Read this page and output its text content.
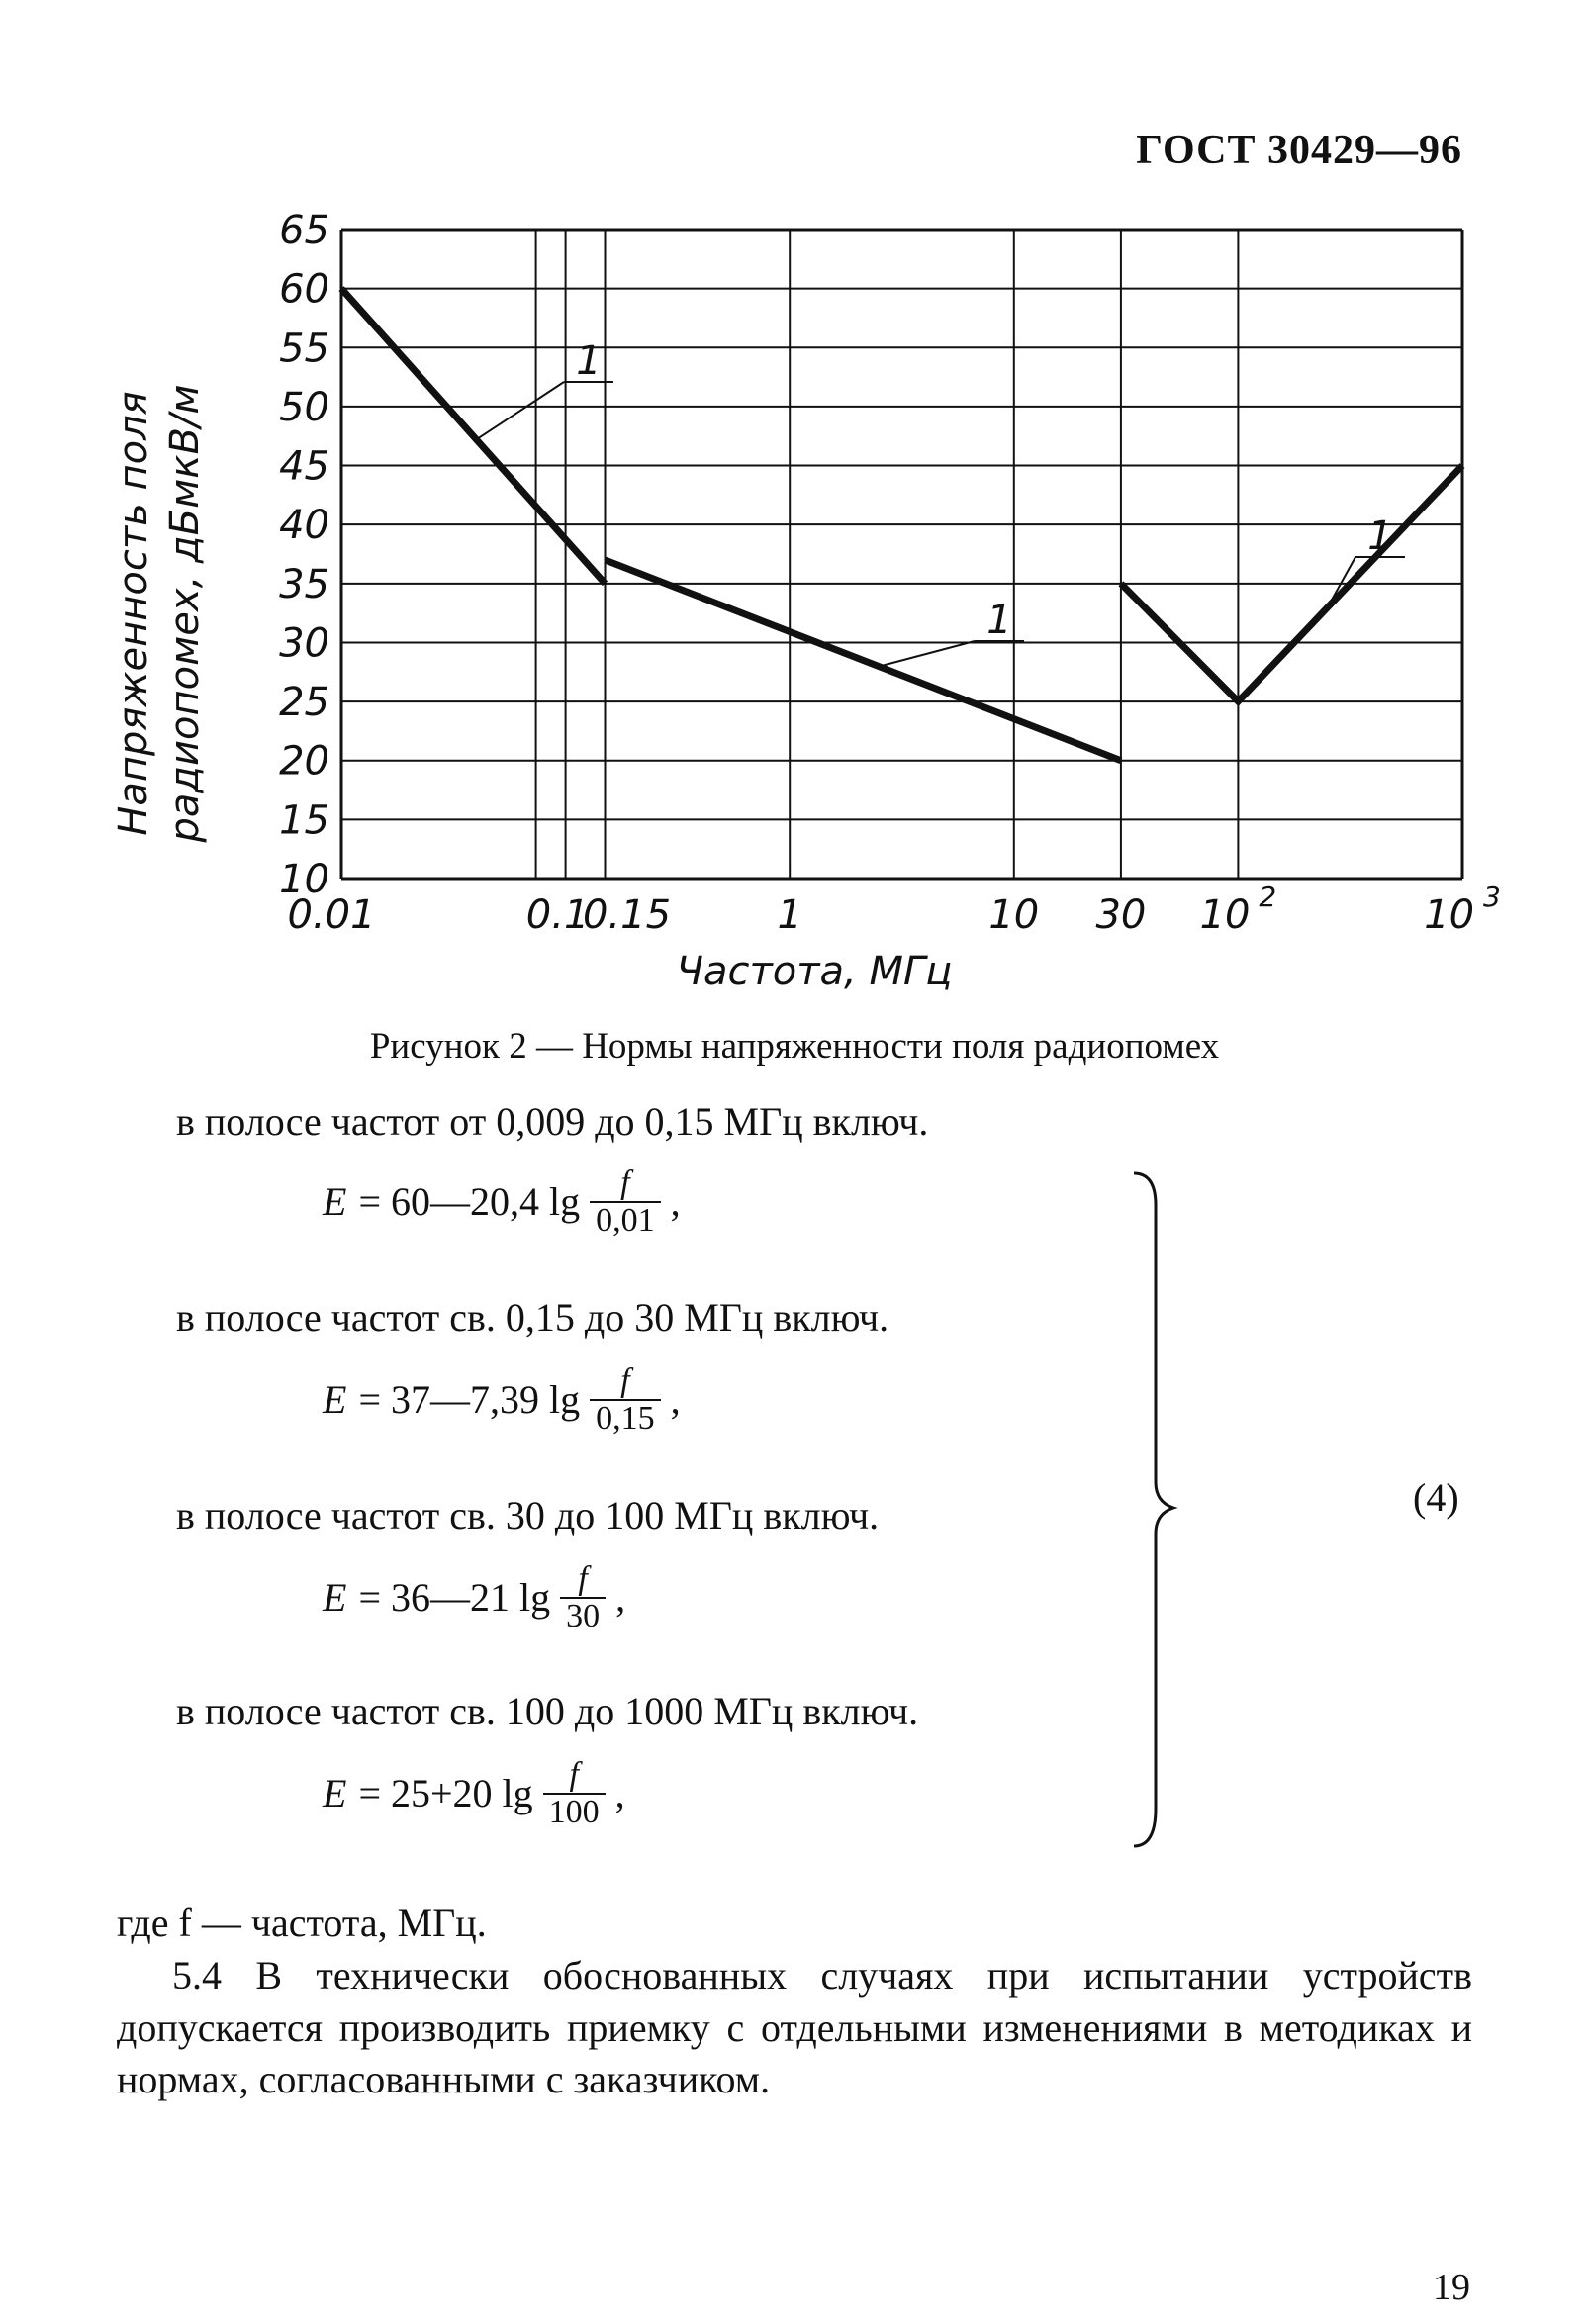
ГОСТ 30429—96
10
15
20
25
30
35
40
45
50
55
60
65
0.01	0.1
0.15	1	10 30 10 $^2$	10 $^3$
1
1
1
Напряженность поля радиопомех, дБмкВ/м
Частота, МГц
Рисунок 2 — Нормы напряженности поля радиопомех
в полосе частот от 0,009 до 0,15 МГц включ.
E = 60—20,4 $\lg \frac{f}{0,01}$ ,
в полосе частот св. 0,15 до 30 МГц включ.
E = 37—7,39 $\lg \frac{f}{0,15}$ ,
в полосе частот св. 30 до 100 МГц включ.
E = 36—21 $\lg \frac{f}{30}$ ,
в полосе частот св. 100 до 1000 МГц включ.
E = 25+20 $\lg \frac{f}{100}$ ,
(4)

где f — частота, МГц.

5.4 В технически обоснованных случаях при испытании устройств допускается производить приемку с отдельными изменениями в методиках и нормах, согласованными с заказчиком.

19
